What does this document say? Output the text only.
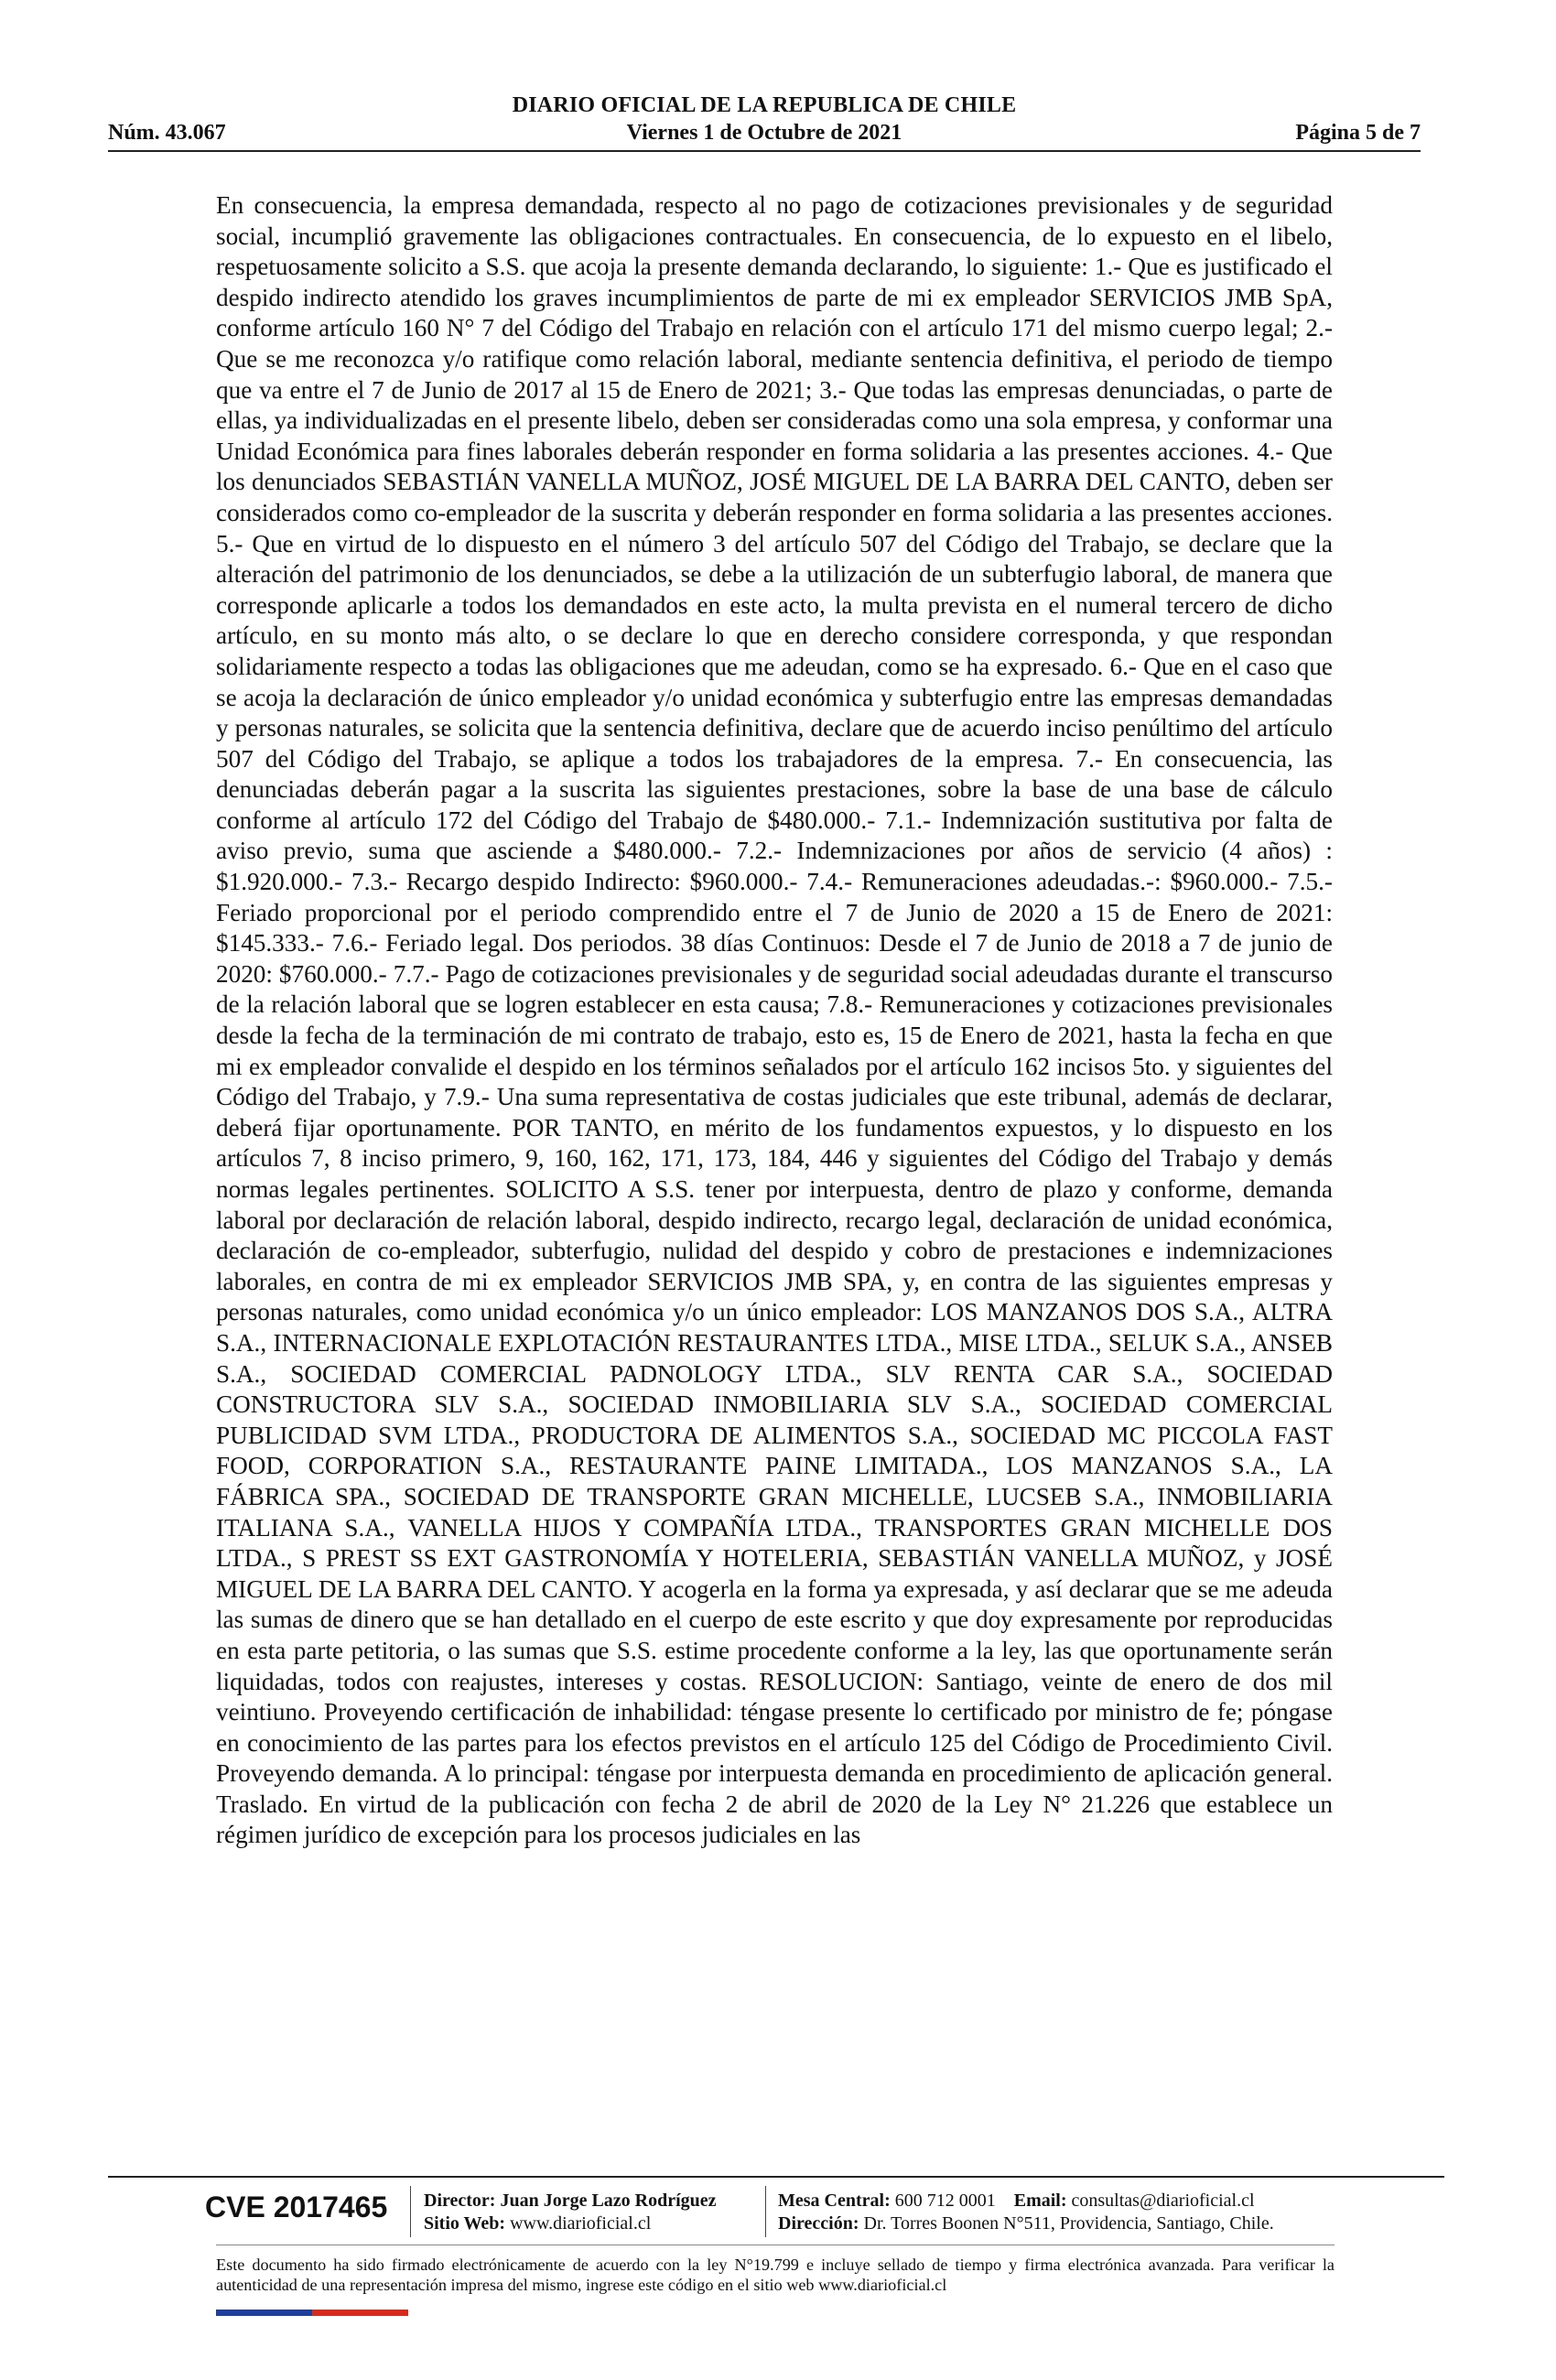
DIARIO OFICIAL DE LA REPUBLICA DE CHILE
Núm. 43.067	Viernes 1 de Octubre de 2021	Página 5 de 7

En consecuencia, la empresa demandada, respecto al no pago de cotizaciones previsionales y de seguridad social, incumplió gravemente las obligaciones contractuales. En consecuencia, de lo expuesto en el libelo, respetuosamente solicito a S.S. que acoja la presente demanda declarando, lo siguiente: 1.- Que es justificado el despido indirecto atendido los graves incumplimientos de parte de mi ex empleador SERVICIOS JMB SpA, conforme artículo 160 N° 7 del Código del Trabajo en relación con el artículo 171 del mismo cuerpo legal; 2.- Que se me reconozca y/o ratifique como relación laboral, mediante sentencia definitiva, el periodo de tiempo que va entre el 7 de Junio de 2017 al 15 de Enero de 2021; 3.- Que todas las empresas denunciadas, o parte de ellas, ya individualizadas en el presente libelo, deben ser consideradas como una sola empresa, y conformar una Unidad Económica para fines laborales deberán responder en forma solidaria a las presentes acciones. 4.- Que los denunciados SEBASTIÁN VANELLA MUÑOZ, JOSÉ MIGUEL DE LA BARRA DEL CANTO, deben ser considerados como co-empleador de la suscrita y deberán responder en forma solidaria a las presentes acciones. 5.- Que en virtud de lo dispuesto en el número 3 del artículo 507 del Código del Trabajo, se declare que la alteración del patrimonio de los denunciados, se debe a la utilización de un subterfugio laboral, de manera que corresponde aplicarle a todos los demandados en este acto, la multa prevista en el numeral tercero de dicho artículo, en su monto más alto, o se declare lo que en derecho considere corresponda, y que respondan solidariamente respecto a todas las obligaciones que me adeudan, como se ha expresado. 6.- Que en el caso que se acoja la declaración de único empleador y/o unidad económica y subterfugio entre las empresas demandadas y personas naturales, se solicita que la sentencia definitiva, declare que de acuerdo inciso penúltimo del artículo 507 del Código del Trabajo, se aplique a todos los trabajadores de la empresa. 7.- En consecuencia, las denunciadas deberán pagar a la suscrita las siguientes prestaciones, sobre la base de una base de cálculo conforme al artículo 172 del Código del Trabajo de $480.000.- 7.1.- Indemnización sustitutiva por falta de aviso previo, suma que asciende a $480.000.- 7.2.- Indemnizaciones por años de servicio (4 años) : $1.920.000.- 7.3.- Recargo despido Indirecto: $960.000.- 7.4.- Remuneraciones adeudadas.-: $960.000.- 7.5.- Feriado proporcional por el periodo comprendido entre el 7 de Junio de 2020 a 15 de Enero de 2021: $145.333.- 7.6.- Feriado legal. Dos periodos. 38 días Continuos: Desde el 7 de Junio de 2018 a 7 de junio de 2020: $760.000.- 7.7.- Pago de cotizaciones previsionales y de seguridad social adeudadas durante el transcurso de la relación laboral que se logren establecer en esta causa; 7.8.- Remuneraciones y cotizaciones previsionales desde la fecha de la terminación de mi contrato de trabajo, esto es, 15 de Enero de 2021, hasta la fecha en que mi ex empleador convalide el despido en los términos señalados por el artículo 162 incisos 5to. y siguientes del Código del Trabajo, y 7.9.- Una suma representativa de costas judiciales que este tribunal, además de declarar, deberá fijar oportunamente. POR TANTO, en mérito de los fundamentos expuestos, y lo dispuesto en los artículos 7, 8 inciso primero, 9, 160, 162, 171, 173, 184, 446 y siguientes del Código del Trabajo y demás normas legales pertinentes. SOLICITO A S.S. tener por interpuesta, dentro de plazo y conforme, demanda laboral por declaración de relación laboral, despido indirecto, recargo legal, declaración de unidad económica, declaración de co-empleador, subterfugio, nulidad del despido y cobro de prestaciones e indemnizaciones laborales, en contra de mi ex empleador SERVICIOS JMB SPA, y, en contra de las siguientes empresas y personas naturales, como unidad económica y/o un único empleador: LOS MANZANOS DOS S.A., ALTRA S.A., INTERNACIONALE EXPLOTACIÓN RESTAURANTES LTDA., MISE LTDA., SELUK S.A., ANSEB S.A., SOCIEDAD COMERCIAL PADNOLOGY LTDA., SLV RENTA CAR S.A., SOCIEDAD CONSTRUCTORA SLV S.A., SOCIEDAD INMOBILIARIA SLV S.A., SOCIEDAD COMERCIAL PUBLICIDAD SVM LTDA., PRODUCTORA DE ALIMENTOS S.A., SOCIEDAD MC PICCOLA FAST FOOD, CORPORATION S.A., RESTAURANTE PAINE LIMITADA., LOS MANZANOS S.A., LA FÁBRICA SPA., SOCIEDAD DE TRANSPORTE GRAN MICHELLE, LUCSEB S.A., INMOBILIARIA ITALIANA S.A., VANELLA HIJOS Y COMPAÑÍA LTDA., TRANSPORTES GRAN MICHELLE DOS LTDA., S PREST SS EXT GASTRONOMÍA Y HOTELERIA, SEBASTIÁN VANELLA MUÑOZ, y JOSÉ MIGUEL DE LA BARRA DEL CANTO. Y acogerla en la forma ya expresada, y así declarar que se me adeuda las sumas de dinero que se han detallado en el cuerpo de este escrito y que doy expresamente por reproducidas en esta parte petitoria, o las sumas que S.S. estime procedente conforme a la ley, las que oportunamente serán liquidadas, todos con reajustes, intereses y costas. RESOLUCION: Santiago, veinte de enero de dos mil veintiuno. Proveyendo certificación de inhabilidad: téngase presente lo certificado por ministro de fe; póngase en conocimiento de las partes para los efectos previstos en el artículo 125 del Código de Procedimiento Civil. Proveyendo demanda. A lo principal: téngase por interpuesta demanda en procedimiento de aplicación general. Traslado. En virtud de la publicación con fecha 2 de abril de 2020 de la Ley N° 21.226 que establece un régimen jurídico de excepción para los procesos judiciales en las

CVE 2017465 Director: Juan Jorge Lazo Rodríguez
Sitio Web: www.diarioficial.cl
Mesa Central: 600 712 0001 Email: consultas@diarioficial.cl
Dirección: Dr. Torres Boonen N°511, Providencia, Santiago, Chile.
Este documento ha sido firmado electrónicamente de acuerdo con la ley N°19.799 e incluye sellado de tiempo y firma electrónica avanzada. Para verificar la autenticidad de una representación impresa del mismo, ingrese este código en el sitio web www.diarioficial.cl
